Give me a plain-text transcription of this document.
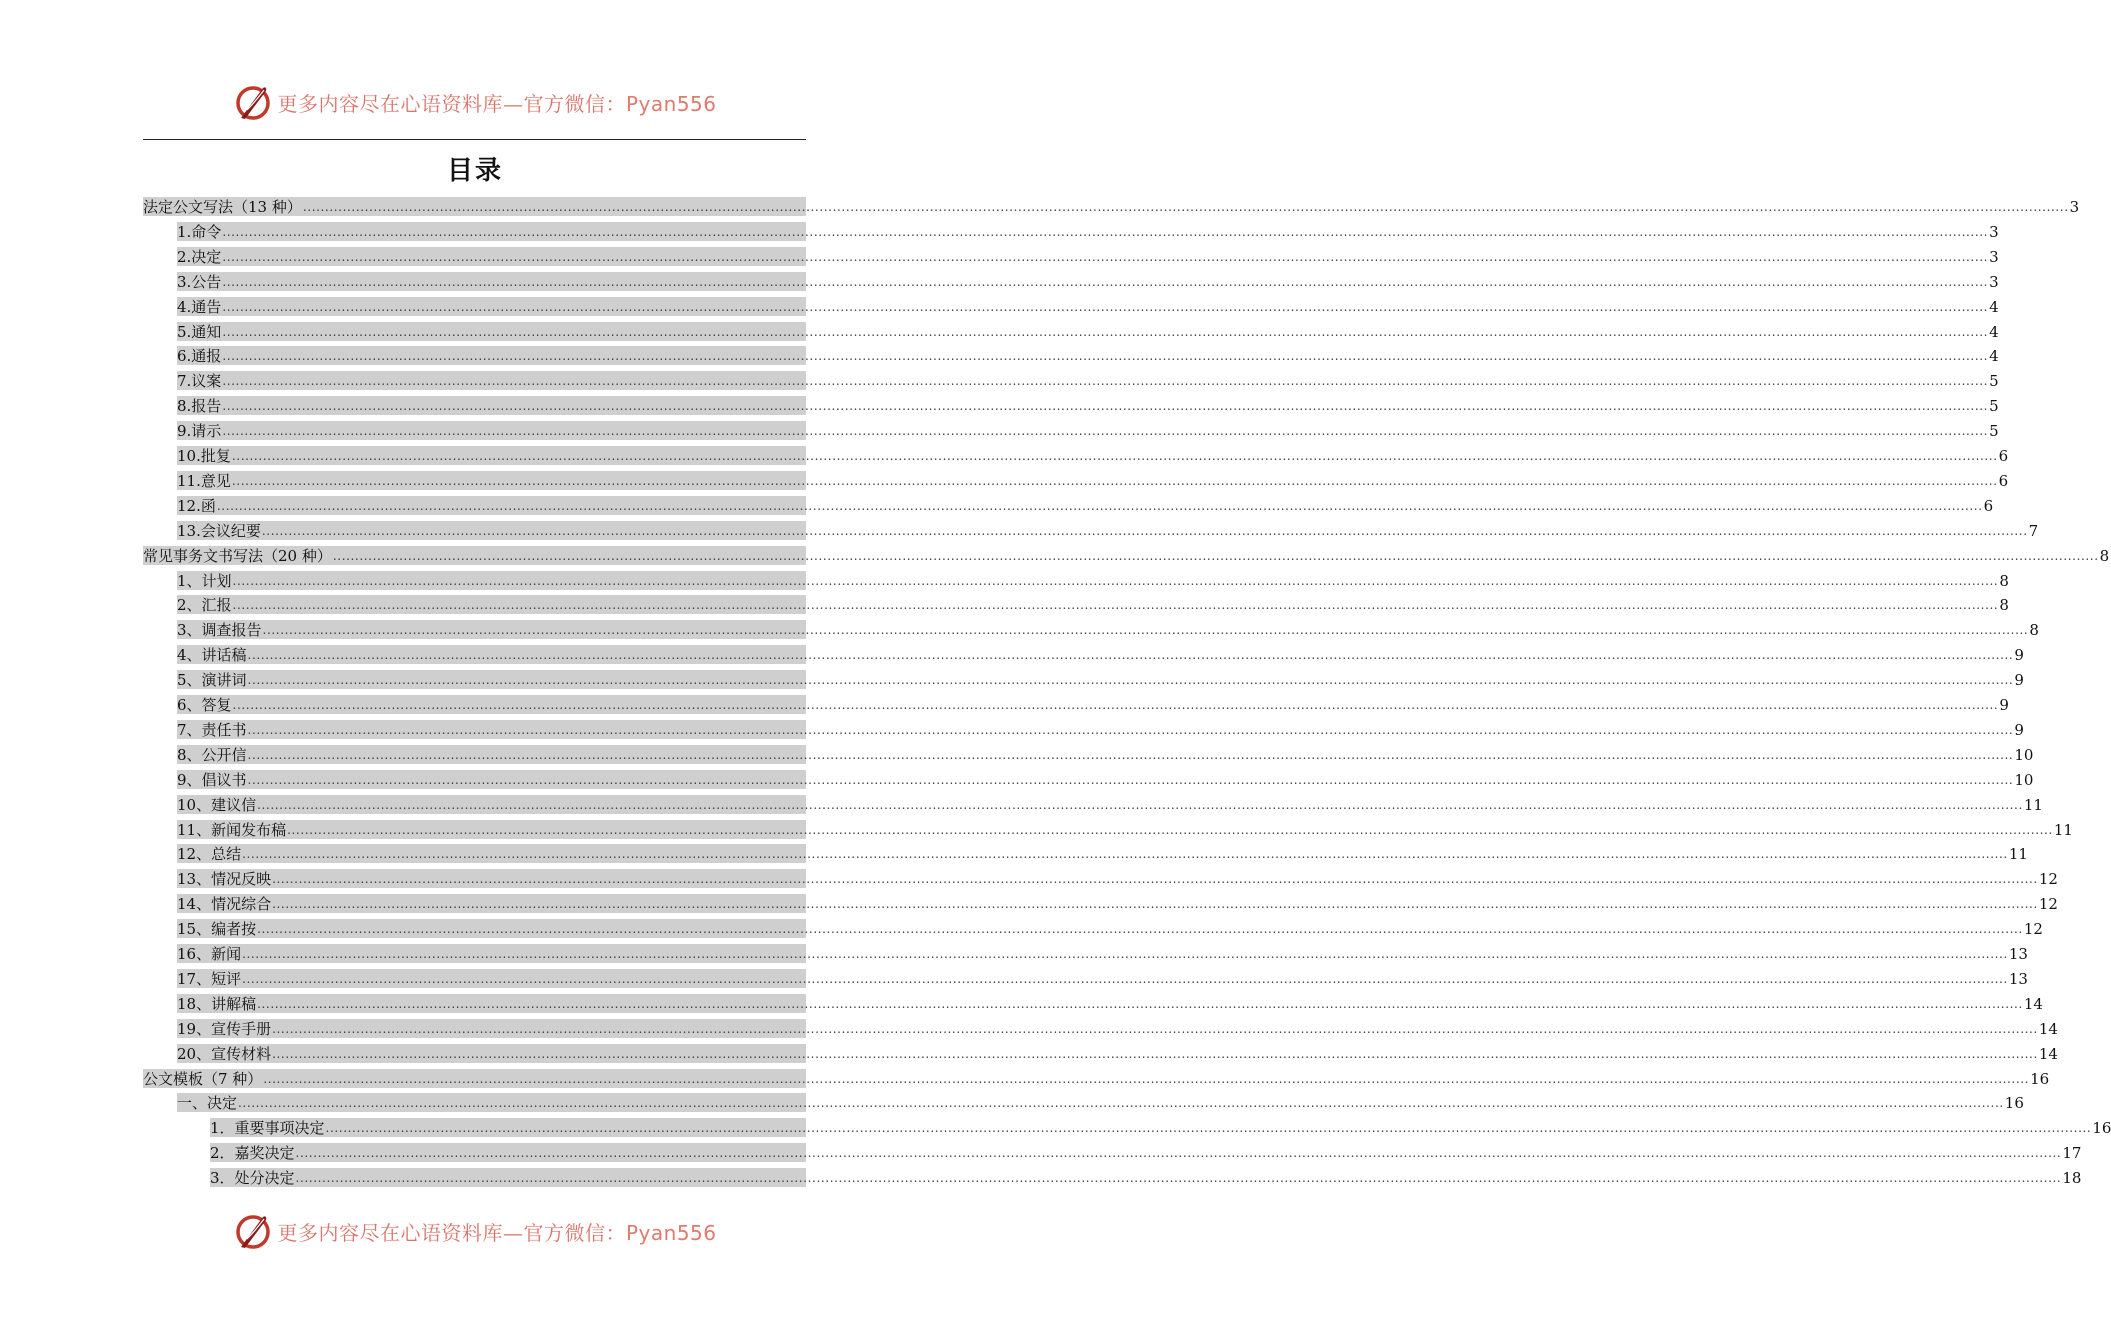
更多内容尽在心语资料库—官方微信：Pyan556
目录
法定公文写法（13 种） ................................................................................................................................................................................................................................................................................................................................................................................................................ 3
1.命令 ................................................................................................................................................................................................................................................................................................................................................................................................................ 3
2.决定 ................................................................................................................................................................................................................................................................................................................................................................................................................ 3
3.公告 ................................................................................................................................................................................................................................................................................................................................................................................................................ 3
4.通告 ................................................................................................................................................................................................................................................................................................................................................................................................................ 4
5.通知 ................................................................................................................................................................................................................................................................................................................................................................................................................ 4
6.通报 ................................................................................................................................................................................................................................................................................................................................................................................................................ 4
7.议案 ................................................................................................................................................................................................................................................................................................................................................................................................................ 5
8.报告 ................................................................................................................................................................................................................................................................................................................................................................................................................ 5
9.请示 ................................................................................................................................................................................................................................................................................................................................................................................................................ 5
10.批复 ................................................................................................................................................................................................................................................................................................................................................................................................................ 6
11.意见 ................................................................................................................................................................................................................................................................................................................................................................................................................ 6
12.函 ................................................................................................................................................................................................................................................................................................................................................................................................................ 6
13.会议纪要 ................................................................................................................................................................................................................................................................................................................................................................................................................ 7
常见事务文书写法（20 种） ................................................................................................................................................................................................................................................................................................................................................................................................................ 8
1、计划 ................................................................................................................................................................................................................................................................................................................................................................................................................ 8
2、汇报 ................................................................................................................................................................................................................................................................................................................................................................................................................ 8
3、调查报告 ................................................................................................................................................................................................................................................................................................................................................................................................................ 8
4、讲话稿 ................................................................................................................................................................................................................................................................................................................................................................................................................ 9
5、演讲词 ................................................................................................................................................................................................................................................................................................................................................................................................................ 9
6、答复 ................................................................................................................................................................................................................................................................................................................................................................................................................ 9
7、责任书 ................................................................................................................................................................................................................................................................................................................................................................................................................ 9
8、公开信 ................................................................................................................................................................................................................................................................................................................................................................................................................ 10
9、倡议书 ................................................................................................................................................................................................................................................................................................................................................................................................................ 10
10、建议信 ................................................................................................................................................................................................................................................................................................................................................................................................................ 11
11、新闻发布稿 ................................................................................................................................................................................................................................................................................................................................................................................................................ 11
12、总结 ................................................................................................................................................................................................................................................................................................................................................................................................................ 11
13、情况反映 ................................................................................................................................................................................................................................................................................................................................................................................................................ 12
14、情况综合 ................................................................................................................................................................................................................................................................................................................................................................................................................ 12
15、编者按 ................................................................................................................................................................................................................................................................................................................................................................................................................ 12
16、新闻 ................................................................................................................................................................................................................................................................................................................................................................................................................ 13
17、短评 ................................................................................................................................................................................................................................................................................................................................................................................................................ 13
18、讲解稿 ................................................................................................................................................................................................................................................................................................................................................................................................................ 14
19、宣传手册 ................................................................................................................................................................................................................................................................................................................................................................................................................ 14
20、宣传材料 ................................................................................................................................................................................................................................................................................................................................................................................................................ 14
公文模板（7 种） ................................................................................................................................................................................................................................................................................................................................................................................................................ 16
一、决定 ................................................................................................................................................................................................................................................................................................................................................................................................................ 16
1．重要事项决定 ................................................................................................................................................................................................................................................................................................................................................................................................................ 16
2．嘉奖决定 ................................................................................................................................................................................................................................................................................................................................................................................................................ 17
3．处分决定 ................................................................................................................................................................................................................................................................................................................................................................................................................ 18
更多内容尽在心语资料库—官方微信：Pyan556
